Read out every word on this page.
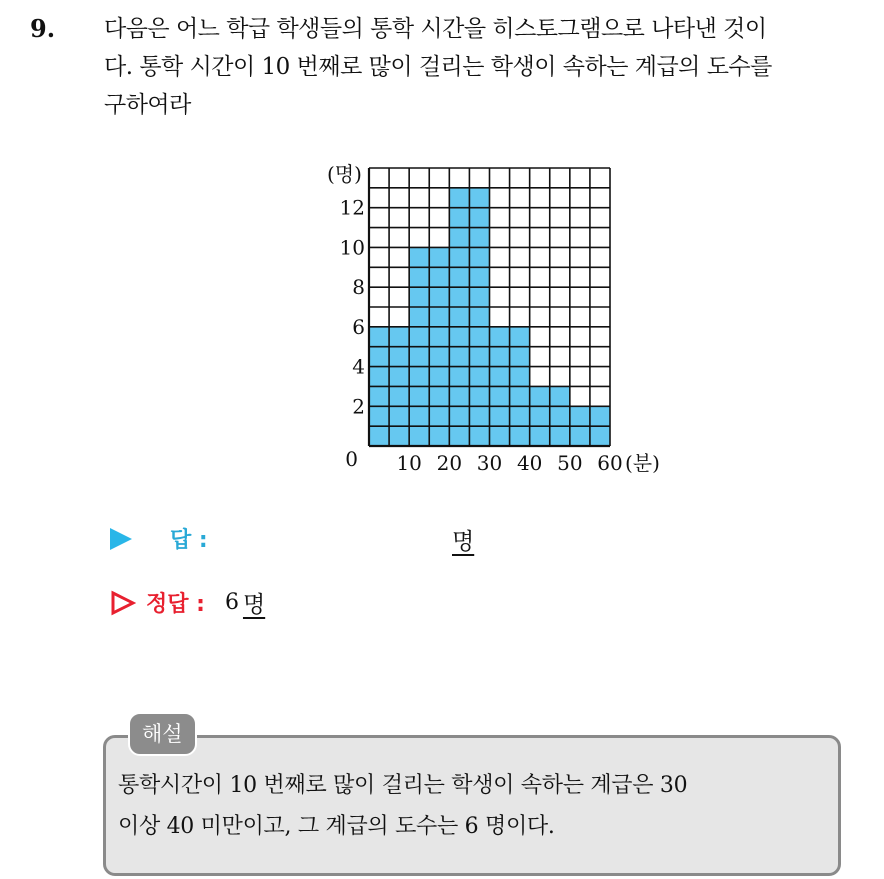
9. 다음은 어느 학급 학생들의 통학 시간을 히스토그램으로 나타낸 것이
다. 통학 시간이 10 번째로 많이 걸리는 학생이 속하는 계급의 도수를
구하여라
0
2
4
6
8
10
12
(명)
10 20 30 40 50 60 (분)
답 :	명
정답 : 6 명
해설
통학시간이 10 번째로 많이 걸리는 학생이 속하는 계급은 30
이상 40 미만이고, 그 계급의 도수는 6 명이다.
